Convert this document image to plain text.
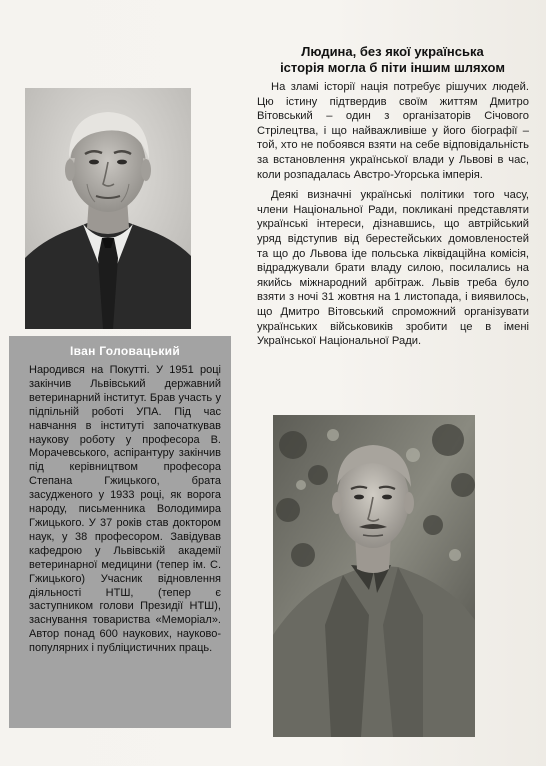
Іван Головацький
Народився на Покутті. У 1951 році закінчив Львівський державний ветеринарний інститут. Брав участь у підпільній роботі УПА. Під час навчання в інституті започаткував наукову роботу у професора В. Морачевського, аспірантуру закінчив під керівництвом професора Степана Гжицького, брата засудженого у 1933 році, як ворога народу, письменника Володимира Гжицького. У 37 років став доктором наук, у 38 професором. Завідував кафедрою у Львівській академії ветеринарної медицини (тепер ім. С. Гжицького) Учасник відновлення діяльності НТШ, (тепер є заступником голови Президії НТШ), заснування товариства «Меморіал». Автор понад 600 наукових, науково-популярних і публіцистичних праць.
Людина, без якої українська
історія могла б піти іншим шляхом

На зламі історії нація потребує рішучих людей. Цю істину підтвердив своїм життям Дмитро Вітовський – один з організаторів Січового Стрілецтва, і що найважливіше у його біографії – той, хто не побоявся взяти на себе відповідальність за встановлення української влади у Львові в час, коли розпадалась Австро-Угорська імперія.

Деякі визначні українські політики того часу, члени Національної Ради, покликані представляти українські інтереси, дізнавшись, що автрійський уряд відступив від берестейських домовленостей та що до Львова іде польська ліквідаційна комісія, відраджували брати владу силою, посилались на якийсь міжнародний арбітраж. Львів треба було взяти з ночі 31 жовтня на 1 листопада, і виявилось, що Дмитро Вітовський спроможний організувати українських військовиків зробити це в імені Української Національної Ради.
